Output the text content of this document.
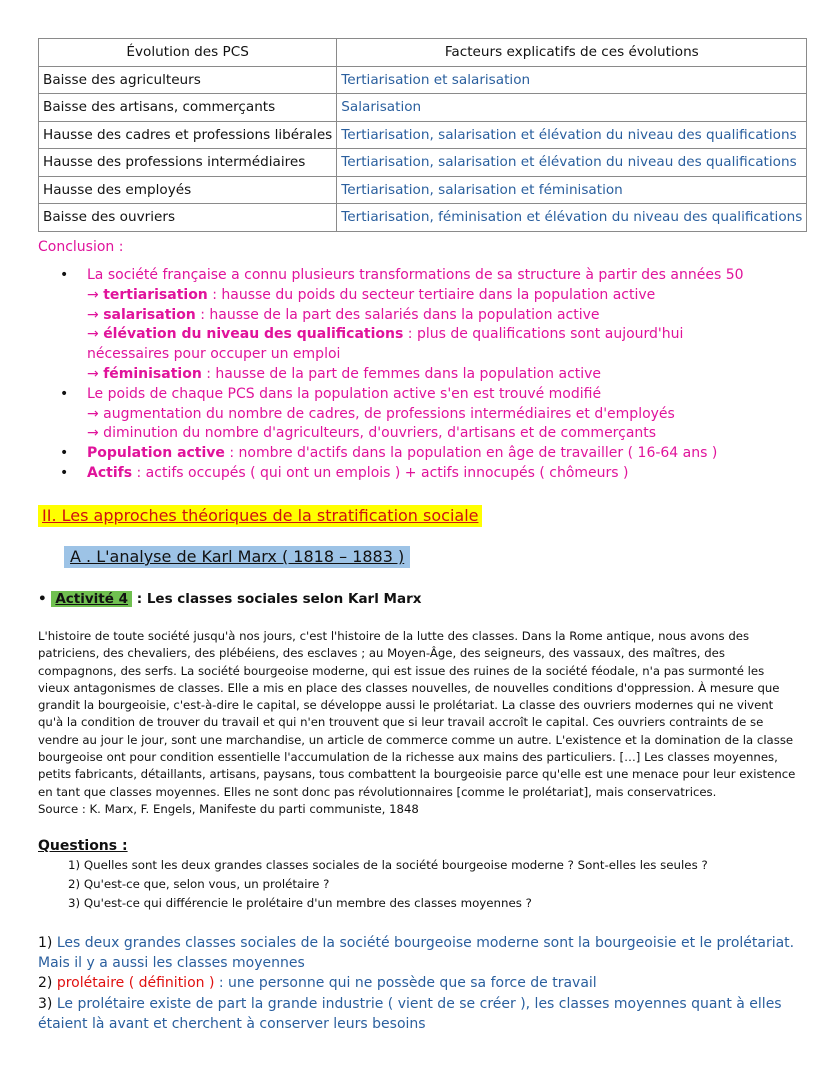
Évolution des PCS	Facteurs explicatifs de ces évolutions
Baisse des agriculteurs	Tertiarisation et salarisation
Baisse des artisans, commerçants	Salarisation
Hausse des cadres et professions libérales	Tertiarisation, salarisation et élévation du niveau des qualifications
Hausse des professions intermédiaires	Tertiarisation, salarisation et élévation du niveau des qualifications
Hausse des employés	Tertiarisation, salarisation et féminisation
Baisse des ouvriers	Tertiarisation, féminisation et élévation du niveau des qualifications
Conclusion :
• La société française a connu plusieurs transformations de sa structure à partir des années 50
→ tertiarisation : hausse du poids du secteur tertiaire dans la population active
→ salarisation : hausse de la part des salariés dans la population active
→ élévation du niveau des qualifications : plus de qualifications sont aujourd'hui nécessaires pour occuper un emploi
→ féminisation : hausse de la part de femmes dans la population active
• Le poids de chaque PCS dans la population active s'en est trouvé modifié
→ augmentation du nombre de cadres, de professions intermédiaires et d'employés
→ diminution du nombre d'agriculteurs, d'ouvriers, d'artisans et de commerçants
• Population active : nombre d'actifs dans la population en âge de travailler ( 16-64 ans )
• Actifs : actifs occupés ( qui ont un emplois ) + actifs innocupés ( chômeurs )
II. Les approches théoriques de la stratification sociale
A . L'analyse de Karl Marx ( 1818 – 1883 )
• Activité 4 : Les classes sociales selon Karl Marx

L'histoire de toute société jusqu'à nos jours, c'est l'histoire de la lutte des classes. Dans la Rome antique, nous avons des patriciens, des chevaliers, des plébéiens, des esclaves ; au Moyen-Âge, des seigneurs, des vassaux, des maîtres, des compagnons, des serfs. La société bourgeoise moderne, qui est issue des ruines de la société féodale, n'a pas surmonté les vieux antagonismes de classes. Elle a mis en place des classes nouvelles, de nouvelles conditions d'oppression. À mesure que grandit la bourgeoisie, c'est-à-dire le capital, se développe aussi le prolétariat. La classe des ouvriers modernes qui ne vivent qu'à la condition de trouver du travail et qui n'en trouvent que si leur travail accroît le capital. Ces ouvriers contraints de se vendre au jour le jour, sont une marchandise, un article de commerce comme un autre. L'existence et la domination de la classe bourgeoise ont pour condition essentielle l'accumulation de la richesse aux mains des particuliers. […] Les classes moyennes, petits fabricants, détaillants, artisans, paysans, tous combattent la bourgeoisie parce qu'elle est une menace pour leur existence en tant que classes moyennes. Elles ne sont donc pas révolutionnaires [comme le prolétariat], mais conservatrices.

Source : K. Marx, F. Engels, Manifeste du parti communiste, 1848

Questions :
1) Quelles sont les deux grandes classes sociales de la société bourgeoise moderne ? Sont-elles les seules ?
2) Qu'est-ce que, selon vous, un prolétaire ?
3) Qu'est-ce qui différencie le prolétaire d'un membre des classes moyennes ?
1) Les deux grandes classes sociales de la société bourgeoise moderne sont la bourgeoisie et le prolétariat. Mais il y a aussi les classes moyennes
2) prolétaire ( définition ) : une personne qui ne possède que sa force de travail
3) Le prolétaire existe de part la grande industrie ( vient de se créer ), les classes moyennes quant à elles étaient là avant et cherchent à conserver leurs besoins
